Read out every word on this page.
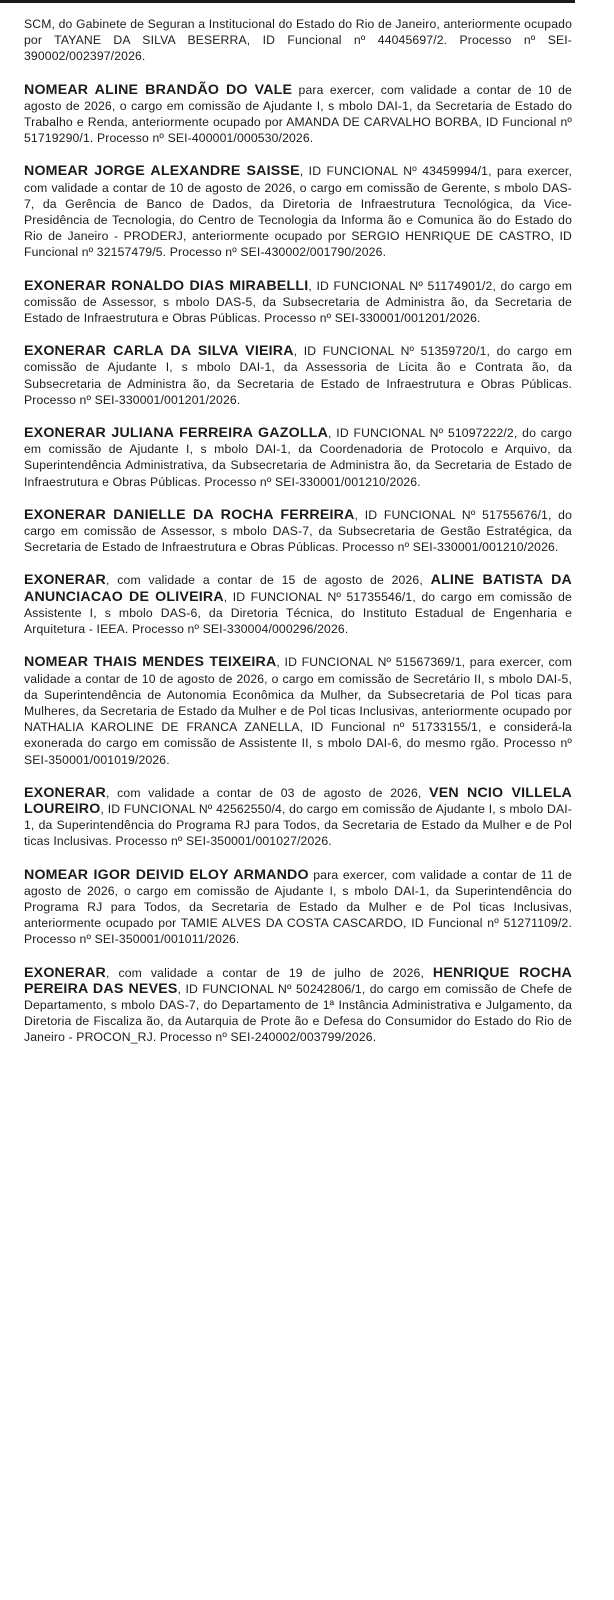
SCM, do Gabinete de Seguran a Institucional do Estado do Rio de Janeiro, anteriormente ocupado por TAYANE DA SILVA BESERRA, ID Funcional nº 44045697/2. Processo nº SEI-390002/002397/2026.

NOMEAR ALINE BRANDÃO DO VALE para exercer, com validade a contar de 10 de agosto de 2026, o cargo em comissão de Ajudante I, s mbolo DAI-1, da Secretaria de Estado do Trabalho e Renda, anteriormente ocupado por AMANDA DE CARVALHO BORBA, ID Funcional nº 51719290/1. Processo nº SEI-400001/000530/2026.

NOMEAR JORGE ALEXANDRE SAISSE, ID FUNCIONAL Nº 43459994/1, para exercer, com validade a contar de 10 de agosto de 2026, o cargo em comissão de Gerente, s mbolo DAS-7, da Gerência de Banco de Dados, da Diretoria de Infraestrutura Tecnológica, da Vice-Presidência de Tecnologia, do Centro de Tecnologia da Informa ão e Comunica ão do Estado do Rio de Janeiro - PRODERJ, anteriormente ocupado por SERGIO HENRIQUE DE CASTRO, ID Funcional nº 32157479/5. Processo nº SEI-430002/001790/2026.

EXONERAR RONALDO DIAS MIRABELLI, ID FUNCIONAL Nº 51174901/2, do cargo em comissão de Assessor, s mbolo DAS-5, da Subsecretaria de Administra ão, da Secretaria de Estado de Infraestrutura e Obras Públicas. Processo nº SEI-330001/001201/2026.

EXONERAR CARLA DA SILVA VIEIRA, ID FUNCIONAL Nº 51359720/1, do cargo em comissão de Ajudante I, s mbolo DAI-1, da Assessoria de Licita ão e Contrata ão, da Subsecretaria de Administra ão, da Secretaria de Estado de Infraestrutura e Obras Públicas. Processo nº SEI-330001/001201/2026.

EXONERAR JULIANA FERREIRA GAZOLLA, ID FUNCIONAL Nº 51097222/2, do cargo em comissão de Ajudante I, s mbolo DAI-1, da Coordenadoria de Protocolo e Arquivo, da Superintendência Administrativa, da Subsecretaria de Administra ão, da Secretaria de Estado de Infraestrutura e Obras Públicas. Processo nº SEI-330001/001210/2026.

EXONERAR DANIELLE DA ROCHA FERREIRA, ID FUNCIONAL Nº 51755676/1, do cargo em comissão de Assessor, s mbolo DAS-7, da Subsecretaria de Gestão Estratégica, da Secretaria de Estado de Infraestrutura e Obras Públicas. Processo nº SEI-330001/001210/2026.

EXONERAR, com validade a contar de 15 de agosto de 2026, ALINE BATISTA DA ANUNCIACAO DE OLIVEIRA, ID FUNCIONAL Nº 51735546/1, do cargo em comissão de Assistente I, s mbolo DAS-6, da Diretoria Técnica, do Instituto Estadual de Engenharia e Arquitetura - IEEA. Processo nº SEI-330004/000296/2026.

NOMEAR THAIS MENDES TEIXEIRA, ID FUNCIONAL Nº 51567369/1, para exercer, com validade a contar de 10 de agosto de 2026, o cargo em comissão de Secretário II, s mbolo DAI-5, da Superintendência de Autonomia Econômica da Mulher, da Subsecretaria de Pol ticas para Mulheres, da Secretaria de Estado da Mulher e de Pol ticas Inclusivas, anteriormente ocupado por NATHALIA KAROLINE DE FRANCA ZANELLA, ID Funcional nº 51733155/1, e considerá-la exonerada do cargo em comissão de Assistente II, s mbolo DAI-6, do mesmo rgão. Processo nº SEI-350001/001019/2026.

EXONERAR, com validade a contar de 03 de agosto de 2026, VEN NCIO VILLELA LOUREIRO, ID FUNCIONAL Nº 42562550/4, do cargo em comissão de Ajudante I, s mbolo DAI-1, da Superintendência do Programa RJ para Todos, da Secretaria de Estado da Mulher e de Pol ticas Inclusivas. Processo nº SEI-350001/001027/2026.

NOMEAR IGOR DEIVID ELOY ARMANDO para exercer, com validade a contar de 11 de agosto de 2026, o cargo em comissão de Ajudante I, s mbolo DAI-1, da Superintendência do Programa RJ para Todos, da Secretaria de Estado da Mulher e de Pol ticas Inclusivas, anteriormente ocupado por TAMIE ALVES DA COSTA CASCARDO, ID Funcional nº 51271109/2. Processo nº SEI-350001/001011/2026.

EXONERAR, com validade a contar de 19 de julho de 2026, HENRIQUE ROCHA PEREIRA DAS NEVES, ID FUNCIONAL Nº 50242806/1, do cargo em comissão de Chefe de Departamento, s mbolo DAS-7, do Departamento de 1ª Instância Administrativa e Julgamento, da Diretoria de Fiscaliza ão, da Autarquia de Prote ão e Defesa do Consumidor do Estado do Rio de Janeiro - PROCON_RJ. Processo nº SEI-240002/003799/2026.
